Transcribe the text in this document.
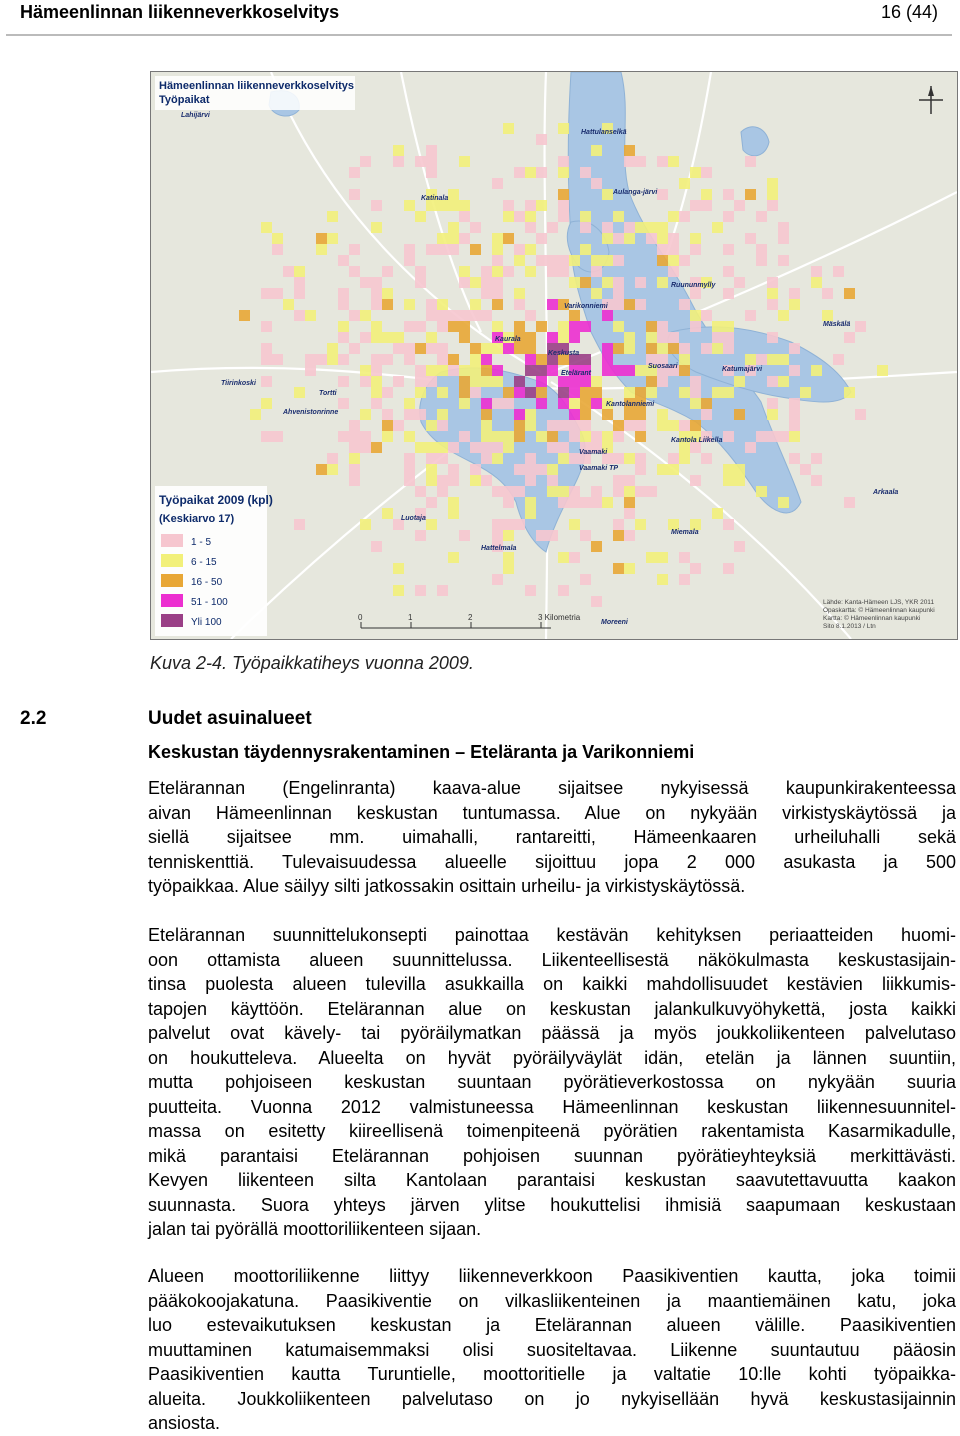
Hämeenlinnan liikenneverkkoselvitys	16 (44)
Hämeenlinnan liikenneverkkoselvitys
Työpaikat
Työpaikat 2009 (kpl)
(Keskiarvo 17)
1 - 5
6 - 15
16 - 50
51 - 100
Yli 100	0	1	2	3 Kilometria
Lähde: Kanta-Hämeen LJS, YKR 2011
Opaskartta: © Hämeenlinnan kaupunki
Kartta: © Hämeenlinnan kaupunki
Sito 8.1.2013 / Ltn
Lahijärvi
Hattulanselkä
Katinala
Aulanga-järvi
Ruununmylly
Varikonniemi
Mäskälä
Kaurala
Keskusta
Suosaari	Katumajärvi
Tiirinkoski
Tortti
Etelärant
Kantolanniemi
Ahvenistonrinne
Kantola Liikella
Vaamaki
Vaamaki TP
Arkaala
Luotaja
Miemala
Hattelmala
Moreeni
Kuva 2-4. Työpaikkatiheys vuonna 2009.
2.2	Uudet asuinalueet
Keskustan täydennysrakentaminen – Eteläranta ja Varikonniemi
Etelärannan (Engelinranta) kaava-alue sijaitsee nykyisessä kaupunkirakenteessa
aivan Hämeenlinnan keskustan tuntumassa. Alue on nykyään virkistyskäytössä ja
siellä sijaitsee mm. uimahalli, rantareitti, Hämeenkaaren urheiluhalli sekä
tenniskenttiä. Tulevaisuudessa alueelle sijoittuu jopa 2 000 asukasta ja 500
työpaikkaa. Alue säilyy silti jatkossakin osittain urheilu- ja virkistyskäytössä.
Etelärannan suunnittelukonsepti painottaa kestävän kehityksen periaatteiden huomi-
oon ottamista alueen suunnittelussa. Liikenteellisestä näkökulmasta keskustasijain-
tinsa puolesta alueen tulevilla asukkailla on kaikki mahdollisuudet kestävien liikkumis-
tapojen käyttöön. Etelärannan alue on keskustan jalankulkuvyöhykettä, josta kaikki
palvelut ovat kävely- tai pyöräilymatkan päässä ja myös joukkoliikenteen palvelutaso
on houkutteleva. Alueelta on hyvät pyöräilyväylät idän, etelän ja lännen suuntiin,
mutta pohjoiseen keskustan suuntaan pyörätieverkostossa on nykyään suuria
puutteita. Vuonna 2012 valmistuneessa Hämeenlinnan keskustan liikennesuunnitel-
massa on esitetty kiireellisenä toimenpiteenä pyörätien rakentamista Kasarmikadulle,
mikä parantaisi Etelärannan pohjoisen suunnan pyörätieyhteyksiä merkittävästi.
Kevyen liikenteen silta Kantolaan parantaisi keskustan saavutettavuutta kaakon
suunnasta. Suora yhteys järven ylitse houkuttelisi ihmisiä saapumaan keskustaan
jalan tai pyörällä moottoriliikenteen sijaan.
Alueen moottoriliikenne liittyy liikenneverkkoon Paasikiventien kautta, joka toimii
pääkokoojakatuna. Paasikiventie on vilkasliikenteinen ja maantiemäinen katu, joka
luo estevaikutuksen keskustan ja Etelärannan alueen välille. Paasikiventien
muuttaminen katumaisemmaksi olisi suositeltavaa. Liikenne suuntautuu pääosin
Paasikiventien kautta Turuntielle, moottoritielle ja valtatie 10:lle kohti työpaikka-
alueita. Joukkoliikenteen palvelutaso on jo nykyisellään hyvä keskustasijainnin
ansiosta.
